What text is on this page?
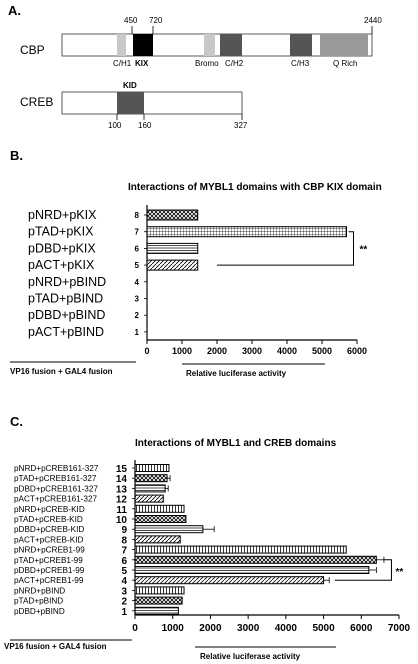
A.
CBP
450 720	2440
C/H1 KIX	Bromo C/H2	C/H3	Q Rich
CREB
KID
100 160	327
B.
Interactions of MYBL1 domains with CBP KIX domain
pNRD+pKIX	8
pTAD+pKIX	7
pDBD+pKIX	6
pACT+pKIX	5
pNRD+pBIND	4
pTAD+pBIND	3
pDBD+pBIND	2
pACT+pBIND	1
0 1000 2000 3000 4000 5000 6000
**
VP16 fusion + GAL4 fusion	Relative luciferase activity
C.
Interactions of MYBL1 and CREB domains
pNRD+pCREB161-327 15
pTAD+pCREB161-327 14
pDBD+pCREB161-327 13
pACT+pCREB161-327 12
pNRD+pCREB-KID	11
pTAD+pCREB-KID	10
pDBD+pCREB-KID	9
pACT+pCREB-KID	8
pNRD+pCREB1-99	7
pTAD+pCREB1-99	6
pDBD+pCREB1-99	5
pACT+pCREB1-99	4
pNRD+pBIND	3
pTAD+pBIND	2
pDBD+pBIND	1
0 1000 2000 3000 4000 5000 6000 7000
**
VP16 fusion + GAL4 fusion
Relative luciferase activity
